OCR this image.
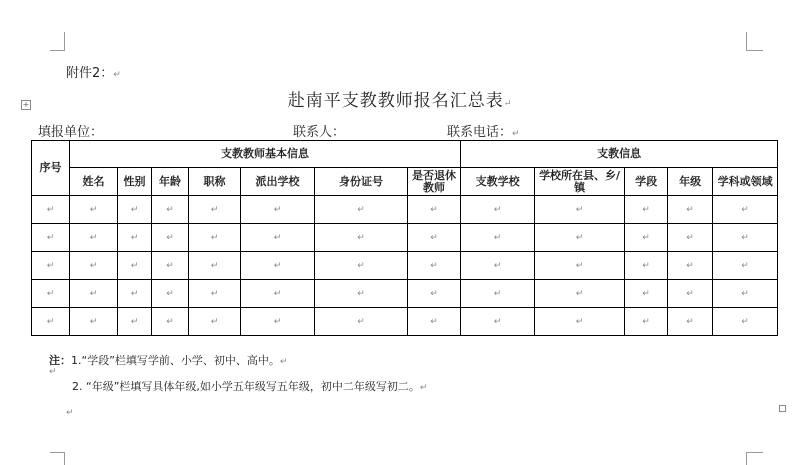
+
附件2：↵
赴南平支教教师报名汇总表↵
填报单位：	联系人：	联系电话：↵
序号	支教教师基本信息							支教信息				
	姓名	性别	年龄	职称	派出学校	身份证号	是否退休教师	支教学校	学校所在县、乡/镇	学段	年级	学科或领域
↵	↵	↵	↵	↵	↵	↵	↵	↵	↵	↵	↵	↵
↵	↵	↵	↵	↵	↵	↵	↵	↵	↵	↵	↵	↵
↵	↵	↵	↵	↵	↵	↵	↵	↵	↵	↵	↵	↵
↵	↵	↵	↵	↵	↵	↵	↵	↵	↵	↵	↵	↵
↵	↵	↵	↵	↵	↵	↵	↵	↵	↵	↵	↵	↵
注：1.“学段”栏填写学前、小学、初中、高中。↵
↵
2. “年级”栏填写具体年级,如小学五年级写五年级，初中二年级写初二。↵
↵
